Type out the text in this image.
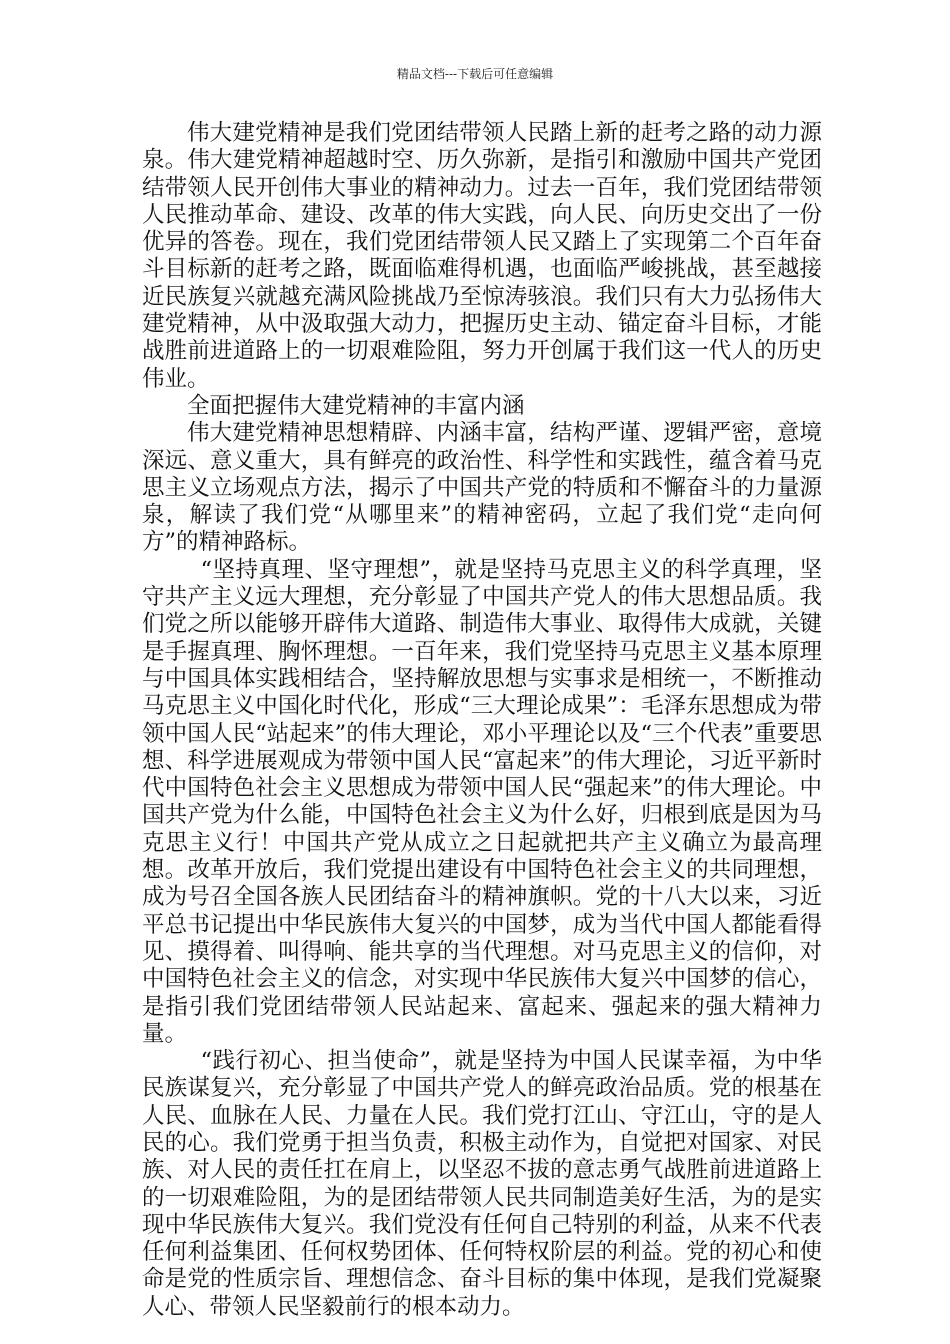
精品文档---下载后可任意编辑

伟大建党精神是我们党团结带领人民踏上新的赶考之路的动力源泉。伟大建党精神超越时空、历久弥新，是指引和激励中国共产党团结带领人民开创伟大事业的精神动力。过去一百年，我们党团结带领人民推动革命、建设、改革的伟大实践，向人民、向历史交出了一份优异的答卷。现在，我们党团结带领人民又踏上了实现第二个百年奋斗目标新的赶考之路，既面临难得机遇，也面临严峻挑战，甚至越接近民族复兴就越充满风险挑战乃至惊涛骇浪。我们只有大力弘扬伟大建党精神，从中汲取强大动力，把握历史主动、锚定奋斗目标，才能战胜前进道路上的一切艰难险阻，努力开创属于我们这一代人的历史伟业。

全面把握伟大建党精神的丰富内涵

伟大建党精神思想精辟、内涵丰富，结构严谨、逻辑严密，意境深远、意义重大，具有鲜亮的政治性、科学性和实践性，蕴含着马克思主义立场观点方法，揭示了中国共产党的特质和不懈奋斗的力量源泉，解读了我们党“从哪里来”的精神密码，立起了我们党“走向何方”的精神路标。

“坚持真理、坚守理想”，就是坚持马克思主义的科学真理，坚守共产主义远大理想，充分彰显了中国共产党人的伟大思想品质。我们党之所以能够开辟伟大道路、制造伟大事业、取得伟大成就，关键是手握真理、胸怀理想。一百年来，我们党坚持马克思主义基本原理与中国具体实践相结合，坚持解放思想与实事求是相统一，不断推动马克思主义中国化时代化，形成“三大理论成果”：毛泽东思想成为带领中国人民“站起来”的伟大理论，邓小平理论以及“三个代表”重要思想、科学进展观成为带领中国人民“富起来”的伟大理论，习近平新时代中国特色社会主义思想成为带领中国人民“强起来”的伟大理论。中国共产党为什么能，中国特色社会主义为什么好，归根到底是因为马克思主义行！中国共产党从成立之日起就把共产主义确立为最高理想。改革开放后，我们党提出建设有中国特色社会主义的共同理想，成为号召全国各族人民团结奋斗的精神旗帜。党的十八大以来，习近平总书记提出中华民族伟大复兴的中国梦，成为当代中国人都能看得见、摸得着、叫得响、能共享的当代理想。对马克思主义的信仰，对中国特色社会主义的信念，对实现中华民族伟大复兴中国梦的信心，是指引我们党团结带领人民站起来、富起来、强起来的强大精神力量。

“践行初心、担当使命”，就是坚持为中国人民谋幸福，为中华民族谋复兴，充分彰显了中国共产党人的鲜亮政治品质。党的根基在人民、血脉在人民、力量在人民。我们党打江山、守江山，守的是人民的心。我们党勇于担当负责，积极主动作为，自觉把对国家、对民族、对人民的责任扛在肩上，以坚忍不拔的意志勇气战胜前进道路上的一切艰难险阻，为的是团结带领人民共同制造美好生活，为的是实现中华民族伟大复兴。我们党没有任何自己特别的利益，从来不代表任何利益集团、任何权势团体、任何特权阶层的利益。党的初心和使命是党的性质宗旨、理想信念、奋斗目标的集中体现，是我们党凝聚人心、带领人民坚毅前行的根本动力。
